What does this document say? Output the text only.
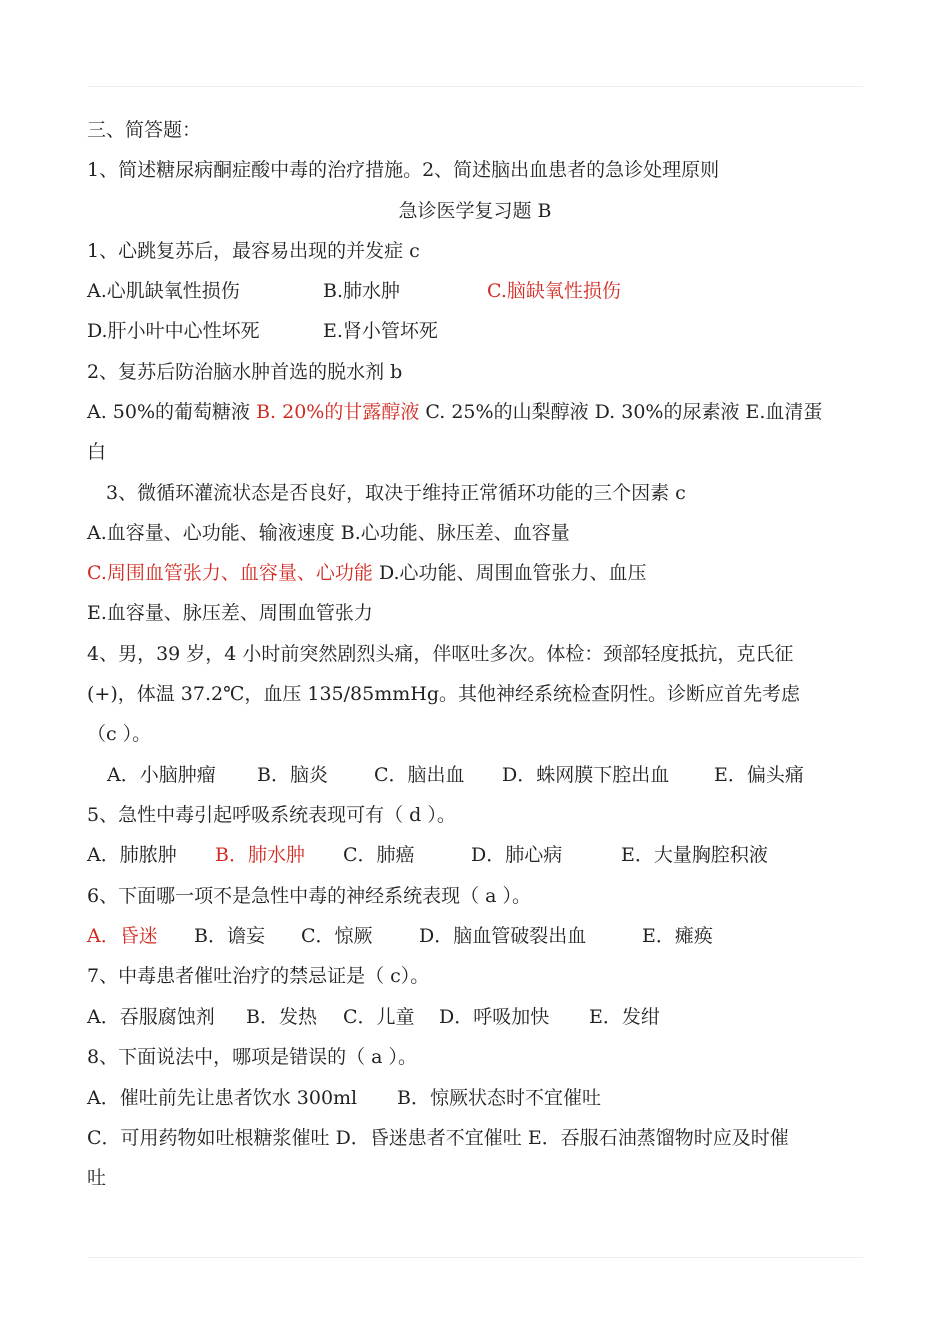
三、简答题：
1、简述糖尿病酮症酸中毒的治疗措施。2、简述脑出血患者的急诊处理原则
急诊医学复习题 B
1、心跳复苏后，最容易出现的并发症 c
A.心肌缺氧性损伤	B.肺水肿	C.脑缺氧性损伤
D.肝小叶中心性坏死	E.肾小管坏死
2、复苏后防治脑水肿首选的脱水剂 b
A. 50%的葡萄糖液 B. 20%的甘露醇液 C. 25%的山梨醇液 D. 30%的尿素液 E.血清蛋
白
3、微循环灌流状态是否良好，取决于维持正常循环功能的三个因素 c
A.血容量、心功能、输液速度 B.心功能、脉压差、血容量
C.周围血管张力、血容量、心功能 D.心功能、周围血管张力、血压
E.血容量、脉压差、周围血管张力
4、男，39 岁，4 小时前突然剧烈头痛，伴呕吐多次。体检：颈部轻度抵抗，克氏征
(+)，体温 37.2℃，血压 135/85mmHg。其他神经系统检查阴性。诊断应首先考虑
（c ）。
A．小脑肿瘤 B．脑炎 C．脑出血 D．蛛网膜下腔出血 E．偏头痛
5、急性中毒引起呼吸系统表现可有（ d ）。
A．肺脓肿 B．肺水肿 C．肺癌	D．肺心病	E．大量胸腔积液
6、下面哪一项不是急性中毒的神经系统表现（ a ）。
A．昏迷 B．谵妄 C．惊厥 D．脑血管破裂出血	E．瘫痪
7、中毒患者催吐治疗的禁忌证是（ c）。
A．吞服腐蚀剂 B．发热 C．儿童 D．呼吸加快 E．发绀
8、下面说法中，哪项是错误的（ a ）。
A．催吐前先让患者饮水 300ml B．惊厥状态时不宜催吐
C．可用药物如吐根糖浆催吐 D．昏迷患者不宜催吐 E．吞服石油蒸馏物时应及时催
吐
